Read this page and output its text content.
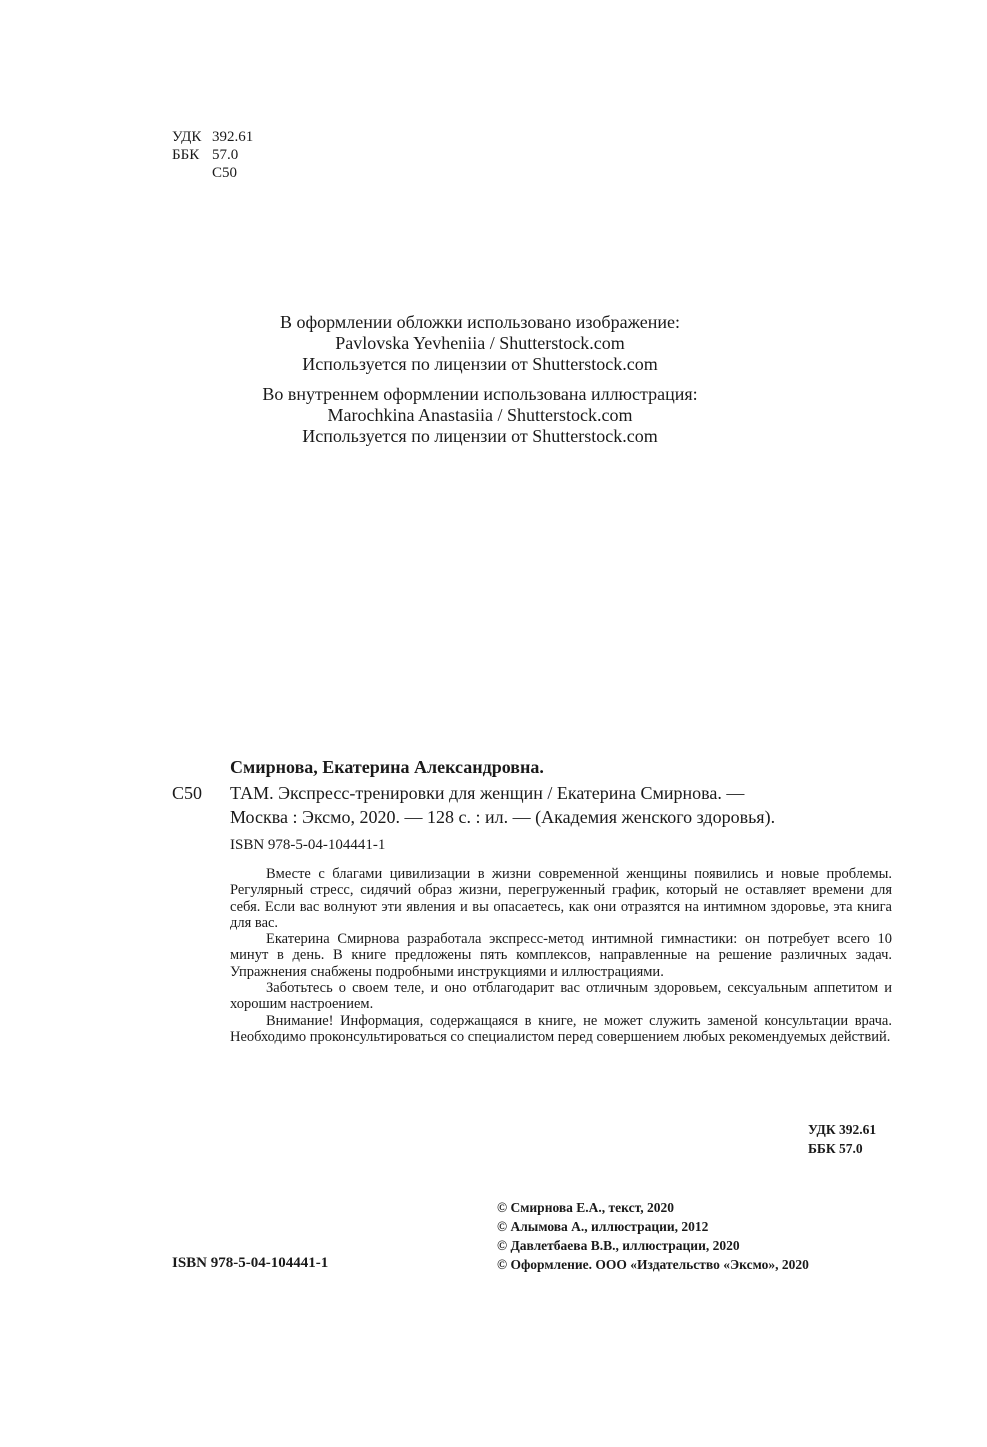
УДК 392.61
ББК 57.0
С50
В оформлении обложки использовано изображение:
Pavlovska Yevheniia / Shutterstock.com
Используется по лицензии от Shutterstock.com
Во внутреннем оформлении использована иллюстрация:
Marochkina Anastasiia / Shutterstock.com
Используется по лицензии от Shutterstock.com
Смирнова, Екатерина Александровна.
С50 ТАМ. Экспресс-тренировки для женщин / Екатерина Смирнова. —
Москва : Эксмо, 2020. — 128 с. : ил. — (Академия женского здоровья).
ISBN 978-5-04-104441-1

Вместе с благами цивилизации в жизни современной женщины появились и новые проблемы. Регулярный стресс, сидячий образ жизни, перегруженный график, который не оставляет времени для себя. Если вас волнуют эти явления и вы опасаетесь, как они отразятся на интимном здоровье, эта книга для вас.

Екатерина Смирнова разработала экспресс-метод интимной гимнастики: он потребует всего 10 минут в день. В книге предложены пять комплексов, направленные на решение различных задач. Упражнения снабжены подробными инструкциями и иллюстрациями.

Заботьтесь о своем теле, и оно отблагодарит вас отличным здоровьем, сексуальным аппетитом и хорошим настроением.

Внимание! Информация, содержащаяся в книге, не может служить заменой консультации врача. Необходимо проконсультироваться со специалистом перед совершением любых рекомендуемых действий.

УДК 392.61
ББК 57.0
ISBN 978-5-04-104441-1
© Смирнова Е.А., текст, 2020
© Алымова А., иллюстрации, 2012
© Давлетбаева В.В., иллюстрации, 2020
© Оформление. ООО «Издательство «Эксмо», 2020
